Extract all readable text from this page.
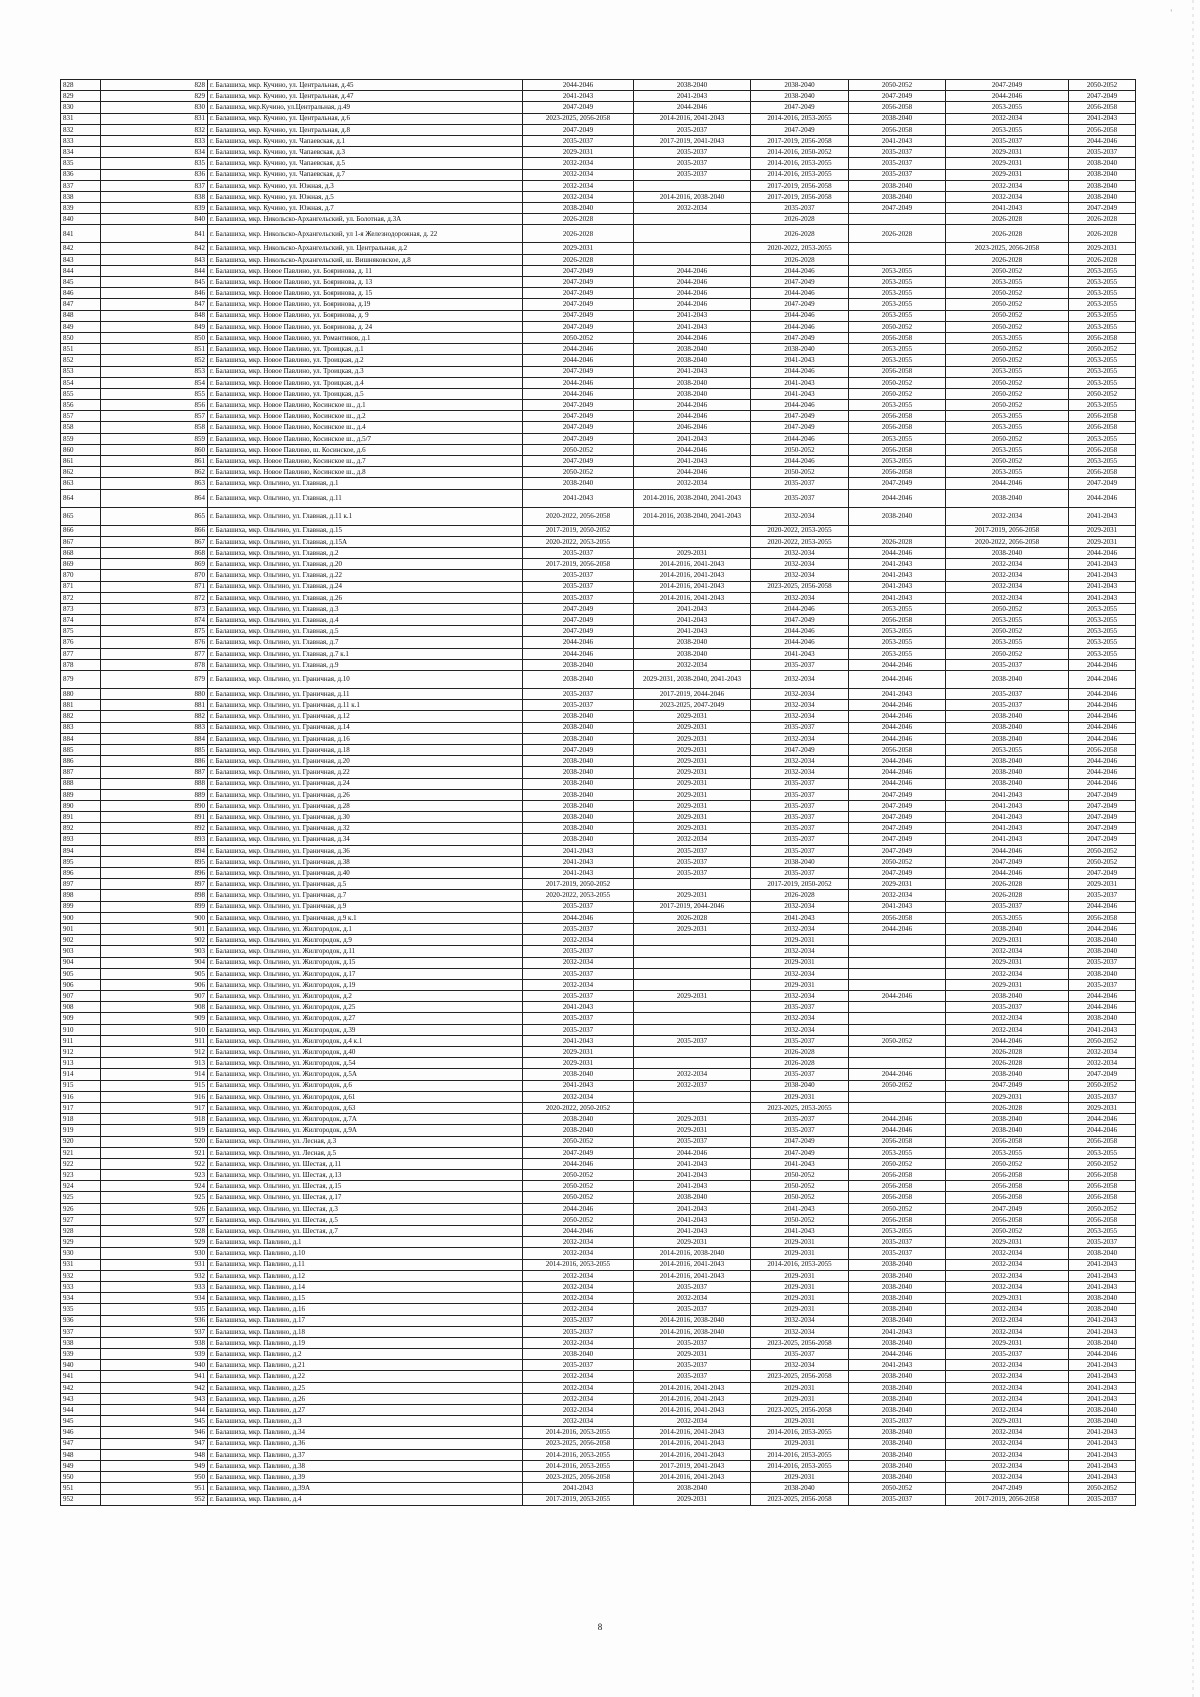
'
828	828	г. Балашиха, мкр. Кучино, ул. Центральная, д.45	2044-2046	2038-2040	2038-2040	2050-2052	2047-2049	2050-2052
829	829	г. Балашиха, мкр. Кучино, ул. Центральная, д.47	2041-2043	2041-2043	2038-2040	2047-2049	2044-2046	2047-2049
830	830	г. Балашиха, мкр.Кучино, ул.Центральная, д.49	2047-2049	2044-2046	2047-2049	2056-2058	2053-2055	2056-2058
831	831	г. Балашиха, мкр. Кучино, ул. Центральная, д.6	2023-2025, 2056-2058	2014-2016, 2041-2043	2014-2016, 2053-2055	2038-2040	2032-2034	2041-2043
832	832	г. Балашиха, мкр. Кучино, ул. Центральная, д.8	2047-2049	2035-2037	2047-2049	2056-2058	2053-2055	2056-2058
833	833	г. Балашиха, мкр. Кучино, ул. Чапаевская, д.1	2035-2037	2017-2019, 2041-2043	2017-2019, 2056-2058	2041-2043	2035-2037	2044-2046
834	834	г. Балашиха, мкр. Кучино, ул. Чапаевская, д.3	2029-2031	2035-2037	2014-2016, 2050-2052	2035-2037	2029-2031	2035-2037
835	835	г. Балашиха, мкр. Кучино, ул. Чапаевская, д.5	2032-2034	2035-2037	2014-2016, 2053-2055	2035-2037	2029-2031	2038-2040
836	836	г. Балашиха, мкр. Кучино, ул. Чапаевская, д.7	2032-2034	2035-2037	2014-2016, 2053-2055	2035-2037	2029-2031	2038-2040
837	837	г. Балашиха, мкр. Кучино, ул. Южная, д.3	2032-2034		2017-2019, 2056-2058	2038-2040	2032-2034	2038-2040
838	838	г. Балашиха, мкр. Кучино, ул. Южная, д.5	2032-2034	2014-2016, 2038-2040	2017-2019, 2056-2058	2038-2040	2032-2034	2038-2040
839	839	г. Балашиха, мкр. Кучино, ул. Южная, д.7	2038-2040	2032-2034	2035-2037	2047-2049	2041-2043	2047-2049
840	840	г. Балашиха, мкр. Никольско-Архангельский, ул. Болотная, д.3А	2026-2028		2026-2028		2026-2028	2026-2028
841	841	г. Балашиха, мкр. Никольско-Архангельский, ул 1-я Железнодорожная, д. 22	2026-2028		2026-2028	2026-2028	2026-2028	2026-2028
842	842	г. Балашиха, мкр. Никольско-Архангельский, ул. Центральная, д.2	2029-2031		2020-2022, 2053-2055		2023-2025, 2056-2058	2029-2031
843	843	г. Балашиха, мкр. Никольско-Архангельский, ш. Вишняковское, д.8	2026-2028		2026-2028		2026-2028	2026-2028
844	844	г. Балашиха, мкр. Новое Павлино, ул. Бояринова, д. 11	2047-2049	2044-2046	2044-2046	2053-2055	2050-2052	2053-2055
845	845	г. Балашиха, мкр. Новое Павлино, ул. Бояринова, д. 13	2047-2049	2044-2046	2047-2049	2053-2055	2053-2055	2053-2055
846	846	г. Балашиха, мкр. Новое Павлино, ул. Бояринова, д. 15	2047-2049	2044-2046	2044-2046	2053-2055	2050-2052	2053-2055
847	847	г. Балашиха, мкр. Новое Павлино, ул. Бояринова, д.19	2047-2049	2044-2046	2047-2049	2053-2055	2050-2052	2053-2055
848	848	г. Балашиха, мкр. Новое Павлино, ул. Бояринова, д. 9	2047-2049	2041-2043	2044-2046	2053-2055	2050-2052	2053-2055
849	849	г. Балашиха, мкр. Новое Павлино, ул. Бояринова, д. 24	2047-2049	2041-2043	2044-2046	2050-2052	2050-2052	2053-2055
850	850	г. Балашиха, мкр. Новое Павлино, ул. Романтиков, д.1	2050-2052	2044-2046	2047-2049	2056-2058	2053-2055	2056-2058
851	851	г. Балашиха, мкр. Новое Павлино, ул. Троицкая, д.1	2044-2046	2038-2040	2038-2040	2053-2055	2050-2052	2050-2052
852	852	г. Балашиха, мкр. Новое Павлино, ул. Троицкая, д.2	2044-2046	2038-2040	2041-2043	2053-2055	2050-2052	2053-2055
853	853	г. Балашиха, мкр. Новое Павлино, ул. Троицкая, д.3	2047-2049	2041-2043	2044-2046	2056-2058	2053-2055	2053-2055
854	854	г. Балашиха, мкр. Новое Павлино, ул. Троицкая, д.4	2044-2046	2038-2040	2041-2043	2050-2052	2050-2052	2053-2055
855	855	г. Балашиха, мкр. Новое Павлино, ул. Троицкая, д.5	2044-2046	2038-2040	2041-2043	2050-2052	2050-2052	2050-2052
856	856	г. Балашиха, мкр. Новое Павлино, Косинское ш., д.1	2047-2049	2044-2046	2044-2046	2053-2055	2050-2052	2053-2055
857	857	г. Балашиха, мкр. Новое Павлино, Косинское ш., д.2	2047-2049	2044-2046	2047-2049	2056-2058	2053-2055	2056-2058
858	858	г. Балашиха, мкр. Новое Павлино, Косинское ш., д.4	2047-2049	2046-2046	2047-2049	2056-2058	2053-2055	2056-2058
859	859	г. Балашиха, мкр. Новое Павлино, Косинское ш., д.5/7	2047-2049	2041-2043	2044-2046	2053-2055	2050-2052	2053-2055
860	860	г. Балашиха, мкр. Новое Павлино, ш. Косинское, д.6	2050-2052	2044-2046	2050-2052	2056-2058	2053-2055	2056-2058
861	861	г. Балашиха, мкр. Новое Павлино, Косинское ш., д.7	2047-2049	2041-2043	2044-2046	2053-2055	2050-2052	2053-2055
862	862	г. Балашиха, мкр. Новое Павлино, Косинское ш., д.8	2050-2052	2044-2046	2050-2052	2056-2058	2053-2055	2056-2058
863	863	г. Балашиха, мкр. Ольгино, ул. Главная, д.1	2038-2040	2032-2034	2035-2037	2047-2049	2044-2046	2047-2049
864	864	г. Балашиха, мкр. Ольгино, ул. Главная, д.11	2041-2043	2014-2016, 2038-2040, 2041-2043	2035-2037	2044-2046	2038-2040	2044-2046
865	865	г. Балашиха, мкр. Ольгино, ул. Главная, д.11 к.1	2020-2022, 2056-2058	2014-2016, 2038-2040, 2041-2043	2032-2034	2038-2040	2032-2034	2041-2043
866	866	г. Балашиха, мкр. Ольгино, ул. Главная, д.15	2017-2019, 2050-2052		2020-2022, 2053-2055		2017-2019, 2056-2058	2029-2031
867	867	г. Балашиха, мкр. Ольгино, ул. Главная, д.15А	2020-2022, 2053-2055		2020-2022, 2053-2055	2026-2028	2020-2022, 2056-2058	2029-2031
868	868	г. Балашиха, мкр. Ольгино, ул. Главная, д.2	2035-2037	2029-2031	2032-2034	2044-2046	2038-2040	2044-2046
869	869	г. Балашиха, мкр. Ольгино, ул. Главная, д.20	2017-2019, 2056-2058	2014-2016, 2041-2043	2032-2034	2041-2043	2032-2034	2041-2043
870	870	г. Балашиха, мкр. Ольгино, ул. Главная, д.22	2035-2037	2014-2016, 2041-2043	2032-2034	2041-2043	2032-2034	2041-2043
871	871	г. Балашиха, мкр. Ольгино, ул. Главная, д.24	2035-2037	2014-2016, 2041-2043	2023-2025, 2056-2058	2041-2043	2032-2034	2041-2043
872	872	г. Балашиха, мкр. Ольгино, ул. Главная, д.26	2035-2037	2014-2016, 2041-2043	2032-2034	2041-2043	2032-2034	2041-2043
873	873	г. Балашиха, мкр. Ольгино, ул. Главная, д.3	2047-2049	2041-2043	2044-2046	2053-2055	2050-2052	2053-2055
874	874	г. Балашиха, мкр. Ольгино, ул. Главная, д.4	2047-2049	2041-2043	2047-2049	2056-2058	2053-2055	2053-2055
875	875	г. Балашиха, мкр. Ольгино, ул. Главная, д.5	2047-2049	2041-2043	2044-2046	2053-2055	2050-2052	2053-2055
876	876	г. Балашиха, мкр. Ольгино, ул. Главная, д.7	2044-2046	2038-2040	2044-2046	2053-2055	2053-2055	2053-2055
877	877	г. Балашиха, мкр. Ольгино, ул. Главная, д.7 к.1	2044-2046	2038-2040	2041-2043	2053-2055	2050-2052	2053-2055
878	878	г. Балашиха, мкр. Ольгино, ул. Главная, д.9	2038-2040	2032-2034	2035-2037	2044-2046	2035-2037	2044-2046
879	879	г. Балашиха, мкр. Ольгино, ул. Граничная, д.10	2038-2040	2029-2031, 2038-2040, 2041-2043	2032-2034	2044-2046	2038-2040	2044-2046
880	880	г. Балашиха, мкр. Ольгино, ул. Граничная, д.11	2035-2037	2017-2019, 2044-2046	2032-2034	2041-2043	2035-2037	2044-2046
881	881	г. Балашиха, мкр. Ольгино, ул. Граничная, д.11 к.1	2035-2037	2023-2025, 2047-2049	2032-2034	2044-2046	2035-2037	2044-2046
882	882	г. Балашиха, мкр. Ольгино, ул. Граничная, д.12	2038-2040	2029-2031	2032-2034	2044-2046	2038-2040	2044-2046
883	883	г. Балашиха, мкр. Ольгино, ул. Граничная, д.14	2038-2040	2029-2031	2035-2037	2044-2046	2038-2040	2044-2046
884	884	г. Балашиха, мкр. Ольгино, ул. Граничная, д.16	2038-2040	2029-2031	2032-2034	2044-2046	2038-2040	2044-2046
885	885	г. Балашиха, мкр. Ольгино, ул. Граничная, д.18	2047-2049	2029-2031	2047-2049	2056-2058	2053-2055	2056-2058
886	886	г. Балашиха, мкр. Ольгино, ул. Граничная, д.20	2038-2040	2029-2031	2032-2034	2044-2046	2038-2040	2044-2046
887	887	г. Балашиха, мкр. Ольгино, ул. Граничная, д.22	2038-2040	2029-2031	2032-2034	2044-2046	2038-2040	2044-2046
888	888	г. Балашиха, мкр. Ольгино, ул. Граничная, д.24	2038-2040	2029-2031	2035-2037	2044-2046	2038-2040	2044-2046
889	889	г. Балашиха, мкр. Ольгино, ул. Граничная, д.26	2038-2040	2029-2031	2035-2037	2047-2049	2041-2043	2047-2049
890	890	г. Балашиха, мкр. Ольгино, ул. Граничная, д.28	2038-2040	2029-2031	2035-2037	2047-2049	2041-2043	2047-2049
891	891	г. Балашиха, мкр. Ольгино, ул. Граничная, д.30	2038-2040	2029-2031	2035-2037	2047-2049	2041-2043	2047-2049
892	892	г. Балашиха, мкр. Ольгино, ул. Граничная, д.32	2038-2040	2029-2031	2035-2037	2047-2049	2041-2043	2047-2049
893	893	г. Балашиха, мкр. Ольгино, ул. Граничная, д.34	2038-2040	2032-2034	2035-2037	2047-2049	2041-2043	2047-2049
894	894	г. Балашиха, мкр. Ольгино, ул. Граничная, д.36	2041-2043	2035-2037	2035-2037	2047-2049	2044-2046	2050-2052
895	895	г. Балашиха, мкр. Ольгино, ул. Граничная, д.38	2041-2043	2035-2037	2038-2040	2050-2052	2047-2049	2050-2052
896	896	г. Балашиха, мкр. Ольгино, ул. Граничная, д.40	2041-2043	2035-2037	2035-2037	2047-2049	2044-2046	2047-2049
897	897	г. Балашиха, мкр. Ольгино, ул. Граничная, д.5	2017-2019, 2050-2052		2017-2019, 2050-2052	2029-2031	2026-2028	2029-2031
898	898	г. Балашиха, мкр. Ольгино, ул. Граничная, д.7	2020-2022, 2053-2055	2029-2031	2026-2028	2032-2034	2026-2028	2035-2037
899	899	г. Балашиха, мкр. Ольгино, ул. Граничная, д.9	2035-2037	2017-2019, 2044-2046	2032-2034	2041-2043	2035-2037	2044-2046
900	900	г. Балашиха, мкр. Ольгино, ул. Граничная, д.9 к.1	2044-2046	2026-2028	2041-2043	2056-2058	2053-2055	2056-2058
901	901	г. Балашиха, мкр. Ольгино, ул. Жилгородок, д.1	2035-2037	2029-2031	2032-2034	2044-2046	2038-2040	2044-2046
902	902	г. Балашиха, мкр. Ольгино, ул. Жилгородок, д.9	2032-2034		2029-2031		2029-2031	2038-2040
903	903	г. Балашиха, мкр. Ольгино, ул. Жилгородок, д.11	2035-2037		2032-2034		2032-2034	2038-2040
904	904	г. Балашиха, мкр. Ольгино, ул. Жилгородок, д.15	2032-2034		2029-2031		2029-2031	2035-2037
905	905	г. Балашиха, мкр. Ольгино, ул. Жилгородок, д.17	2035-2037		2032-2034		2032-2034	2038-2040
906	906	г. Балашиха, мкр. Ольгино, ул. Жилгородок, д.19	2032-2034		2029-2031		2029-2031	2035-2037
907	907	г. Балашиха, мкр. Ольгино, ул. Жилгородок, д.2	2035-2037	2029-2031	2032-2034	2044-2046	2038-2040	2044-2046
908	908	г. Балашиха, мкр. Ольгино, ул. Жилгородок, д.25	2041-2043		2035-2037		2035-2037	2044-2046
909	909	г. Балашиха, мкр. Ольгино, ул. Жилгородок, д.27	2035-2037		2032-2034		2032-2034	2038-2040
910	910	г. Балашиха, мкр. Ольгино, ул. Жилгородок, д.39	2035-2037		2032-2034		2032-2034	2041-2043
911	911	г. Балашиха, мкр. Ольгино, ул. Жилгородок, д.4 к.1	2041-2043	2035-2037	2035-2037	2050-2052	2044-2046	2050-2052
912	912	г. Балашиха, мкр. Ольгино, ул. Жилгородок, д.40	2029-2031		2026-2028		2026-2028	2032-2034
913	913	г. Балашиха, мкр. Ольгино, ул. Жилгородок, д.54	2029-2031		2026-2028		2026-2028	2032-2034
914	914	г. Балашиха, мкр. Ольгино, ул. Жилгородок, д.5А	2038-2040	2032-2034	2035-2037	2044-2046	2038-2040	2047-2049
915	915	г. Балашиха, мкр. Ольгино, ул. Жилгородок, д.6	2041-2043	2032-2037	2038-2040	2050-2052	2047-2049	2050-2052
916	916	г. Балашиха, мкр. Ольгино, ул. Жилгородок, д.61	2032-2034		2029-2031		2029-2031	2035-2037
917	917	г. Балашиха, мкр. Ольгино, ул. Жилгородок, д.63	2020-2022, 2050-2052		2023-2025, 2053-2055		2026-2028	2029-2031
918	918	г. Балашиха, мкр. Ольгино, ул. Жилгородок, д.7А	2038-2040	2029-2031	2035-2037	2044-2046	2038-2040	2044-2046
919	919	г. Балашиха, мкр. Ольгино, ул. Жилгородок, д.9А	2038-2040	2029-2031	2035-2037	2044-2046	2038-2040	2044-2046
920	920	г. Балашиха, мкр. Ольгино, ул. Лесная, д.3	2050-2052	2035-2037	2047-2049	2056-2058	2056-2058	2056-2058
921	921	г. Балашиха, мкр. Ольгино, ул. Лесная, д.5	2047-2049	2044-2046	2047-2049	2053-2055	2053-2055	2053-2055
922	922	г. Балашиха, мкр. Ольгино, ул. Шестая, д.11	2044-2046	2041-2043	2041-2043	2050-2052	2050-2052	2050-2052
923	923	г. Балашиха, мкр. Ольгино, ул. Шестая, д.13	2050-2052	2041-2043	2050-2052	2056-2058	2056-2058	2056-2058
924	924	г. Балашиха, мкр. Ольгино, ул. Шестая, д.15	2050-2052	2041-2043	2050-2052	2056-2058	2056-2058	2056-2058
925	925	г. Балашиха, мкр. Ольгино, ул. Шестая, д.17	2050-2052	2038-2040	2050-2052	2056-2058	2056-2058	2056-2058
926	926	г. Балашиха, мкр. Ольгино, ул. Шестая, д.3	2044-2046	2041-2043	2041-2043	2050-2052	2047-2049	2050-2052
927	927	г. Балашиха, мкр. Ольгино, ул. Шестая, д.5	2050-2052	2041-2043	2050-2052	2056-2058	2056-2058	2056-2058
928	928	г. Балашиха, мкр. Ольгино, ул. Шестая, д.7	2044-2046	2041-2043	2041-2043	2053-2055	2050-2052	2053-2055
929	929	г. Балашиха, мкр. Павлино, д.1	2032-2034	2029-2031	2029-2031	2035-2037	2029-2031	2035-2037
930	930	г. Балашиха, мкр. Павлино, д.10	2032-2034	2014-2016, 2038-2040	2029-2031	2035-2037	2032-2034	2038-2040
931	931	г. Балашиха, мкр. Павлино, д.11	2014-2016, 2053-2055	2014-2016, 2041-2043	2014-2016, 2053-2055	2038-2040	2032-2034	2041-2043
932	932	г. Балашиха, мкр. Павлино, д.12	2032-2034	2014-2016, 2041-2043	2029-2031	2038-2040	2032-2034	2041-2043
933	933	г. Балашиха, мкр. Павлино, д.14	2032-2034	2035-2037	2029-2031	2038-2040	2032-2034	2041-2043
934	934	г. Балашиха, мкр. Павлино, д.15	2032-2034	2032-2034	2029-2031	2038-2040	2029-2031	2038-2040
935	935	г. Балашиха, мкр. Павлино, д.16	2032-2034	2035-2037	2029-2031	2038-2040	2032-2034	2038-2040
936	936	г. Балашиха, мкр. Павлино, д.17	2035-2037	2014-2016, 2038-2040	2032-2034	2038-2040	2032-2034	2041-2043
937	937	г. Балашиха, мкр. Павлино, д.18	2035-2037	2014-2016, 2038-2040	2032-2034	2041-2043	2032-2034	2041-2043
938	938	г. Балашиха, мкр. Павлино, д.19	2032-2034	2035-2037	2023-2025, 2056-2058	2038-2040	2029-2031	2038-2040
939	939	г. Балашиха, мкр. Павлино, д.2	2038-2040	2029-2031	2035-2037	2044-2046	2035-2037	2044-2046
940	940	г. Балашиха, мкр. Павлино, д.21	2035-2037	2035-2037	2032-2034	2041-2043	2032-2034	2041-2043
941	941	г. Балашиха, мкр. Павлино, д.22	2032-2034	2035-2037	2023-2025, 2056-2058	2038-2040	2032-2034	2041-2043
942	942	г. Балашиха, мкр. Павлино, д.25	2032-2034	2014-2016, 2041-2043	2029-2031	2038-2040	2032-2034	2041-2043
943	943	г. Балашиха, мкр. Павлино, д.26	2032-2034	2014-2016, 2041-2043	2029-2031	2038-2040	2032-2034	2041-2043
944	944	г. Балашиха, мкр. Павлино, д.27	2032-2034	2014-2016, 2041-2043	2023-2025, 2056-2058	2038-2040	2032-2034	2038-2040
945	945	г. Балашиха, мкр. Павлино, д.3	2032-2034	2032-2034	2029-2031	2035-2037	2029-2031	2038-2040
946	946	г. Балашиха, мкр. Павлино, д.34	2014-2016, 2053-2055	2014-2016, 2041-2043	2014-2016, 2053-2055	2038-2040	2032-2034	2041-2043
947	947	г. Балашиха, мкр. Павлино, д.36	2023-2025, 2056-2058	2014-2016, 2041-2043	2029-2031	2038-2040	2032-2034	2041-2043
948	948	г. Балашиха, мкр. Павлино, д.37	2014-2016, 2053-2055	2014-2016, 2041-2043	2014-2016, 2053-2055	2038-2040	2032-2034	2041-2043
949	949	г. Балашиха, мкр. Павлино, д.38	2014-2016, 2053-2055	2017-2019, 2041-2043	2014-2016, 2053-2055	2038-2040	2032-2034	2041-2043
950	950	г. Балашиха, мкр. Павлино, д.39	2023-2025, 2056-2058	2014-2016, 2041-2043	2029-2031	2038-2040	2032-2034	2041-2043
951	951	г. Балашиха, мкр. Павлино, д.39А	2041-2043	2038-2040	2038-2040	2050-2052	2047-2049	2050-2052
952	952	г. Балашиха, мкр. Павлино, д.4	2017-2019, 2053-2055	2029-2031	2023-2025, 2056-2058	2035-2037	2017-2019, 2056-2058	2035-2037
8
